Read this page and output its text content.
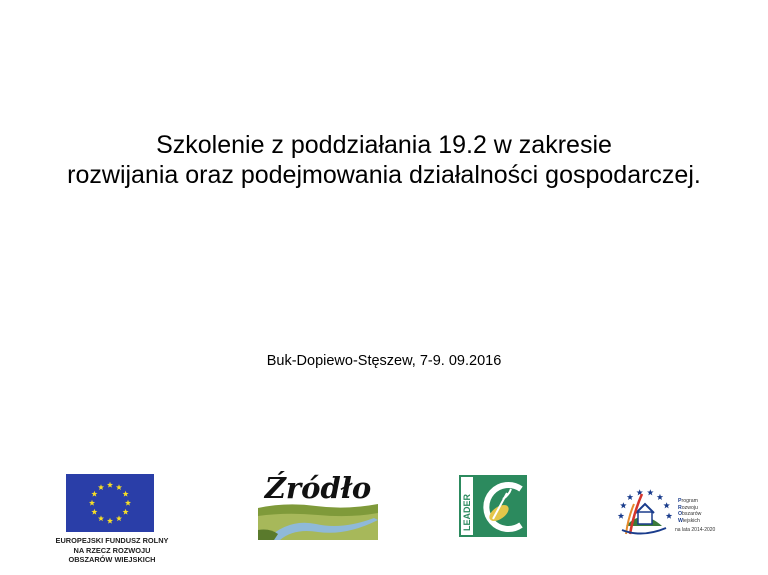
Szkolenie z poddziałania 19.2 w zakresie
rozwijania oraz podejmowania działalności gospodarczej.
Buk-Dopiewo-Stęszew, 7-9. 09.2016
EUROPEJSKI FUNDUSZ ROLNY
NA RZECZ ROZWOJU
OBSZARÓW WIEJSKICH
Źródło
LEADER	Program
Rozwoju
Obszarów
Wiejskich
na lata 2014-2020
